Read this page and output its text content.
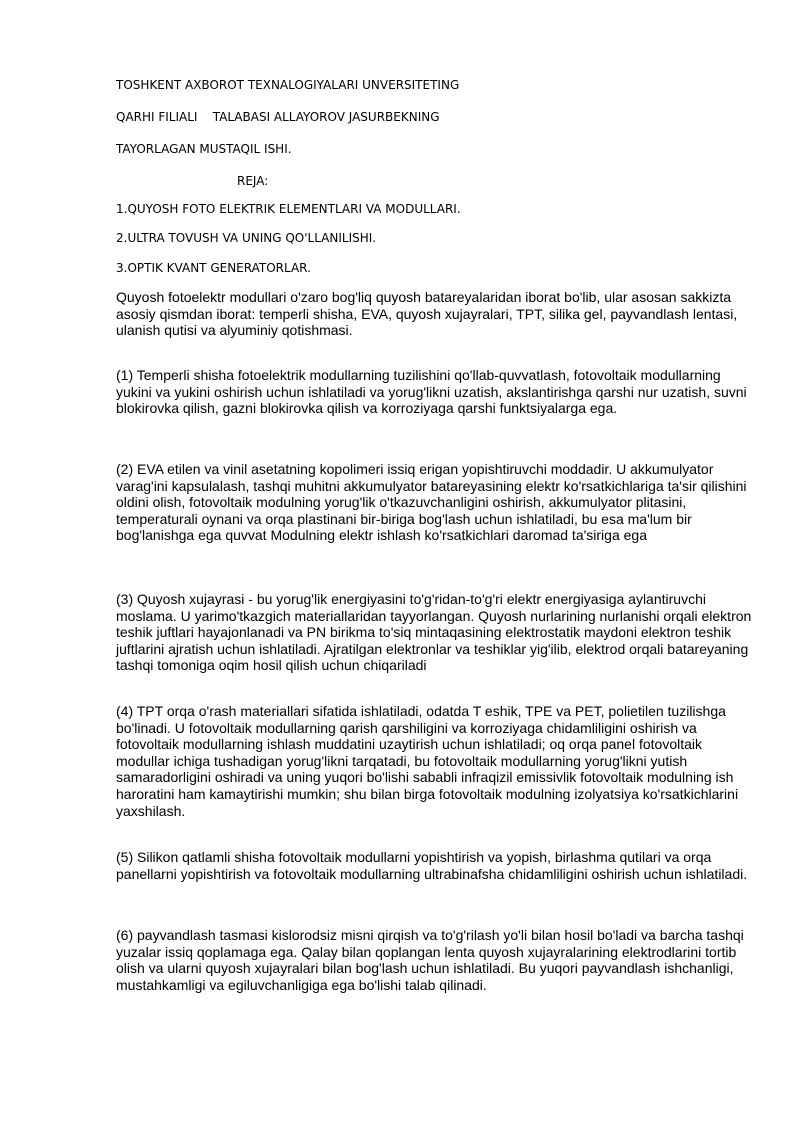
TOSHKENT AXBOROT TEXNALOGIYALARI UNVERSITETING

QARHI FILIALI    TALABASI ALLAYOROV JASURBEKNING

TAYORLAGAN MUSTAQIL ISHI.

REJA:

1.QUYOSH FOTO ELEKTRIK ELEMENTLARI VA MODULLARI.

2.ULTRA TOVUSH VA UNING QO'LLANILISHI.

3.OPTIK KVANT GENERATORLAR.

Quyosh fotoelektr modullari o'zaro bog'liq quyosh batareyalaridan iborat bo'lib, ular asosan sakkizta asosiy qismdan iborat: temperli shisha, EVA, quyosh xujayralari, TPT, silika gel, payvandlash lentasi, ulanish qutisi va alyuminiy qotishmasi.

(1) Temperli shisha fotoelektrik modullarning tuzilishini qo'llab-quvvatlash, fotovoltaik modullarning yukini va yukini oshirish uchun ishlatiladi va yorug'likni uzatish, akslantirishga qarshi nur uzatish, suvni blokirovka qilish, gazni blokirovka qilish va korroziyaga qarshi funktsiyalarga ega.

(2) EVA etilen va vinil asetatning kopolimeri issiq erigan yopishtiruvchi moddadir. U akkumulyator varag'ini kapsulalash, tashqi muhitni akkumulyator batareyasining elektr ko'rsatkichlariga ta'sir qilishini oldini olish, fotovoltaik modulning yorug'lik o'tkazuvchanligini oshirish, akkumulyator plitasini, temperaturali oynani va orqa plastinani bir-biriga bog'lash uchun ishlatiladi, bu esa ma'lum bir bog'lanishga ega quvvat Modulning elektr ishlash ko'rsatkichlari daromad ta'siriga ega

(3) Quyosh xujayrasi - bu yorug'lik energiyasini to'g'ridan-to'g'ri elektr energiyasiga aylantiruvchi moslama. U yarimo'tkazgich materiallaridan tayyorlangan. Quyosh nurlarining nurlanishi orqali elektron teshik juftlari hayajonlanadi va PN birikma to'siq mintaqasining elektrostatik maydoni elektron teshik juftlarini ajratish uchun ishlatiladi. Ajratilgan elektronlar va teshiklar yig'ilib, elektrod orqali batareyaning tashqi tomoniga oqim hosil qilish uchun chiqariladi

(4) TPT orqa o'rash materiallari sifatida ishlatiladi, odatda T eshik, TPE va PET, polietilen tuzilishga bo'linadi. U fotovoltaik modullarning qarish qarshiligini va korroziyaga chidamliligini oshirish va fotovoltaik modullarning ishlash muddatini uzaytirish uchun ishlatiladi; oq orqa panel fotovoltaik modullar ichiga tushadigan yorug'likni tarqatadi, bu fotovoltaik modullarning yorug'likni yutish samaradorligini oshiradi va uning yuqori bo'lishi sababli infraqizil emissivlik fotovoltaik modulning ish haroratini ham kamaytirishi mumkin; shu bilan birga fotovoltaik modulning izolyatsiya ko'rsatkichlarini yaxshilash.

(5) Silikon qatlamli shisha fotovoltaik modullarni yopishtirish va yopish, birlashma qutilari va orqa panellarni yopishtirish va fotovoltaik modullarning ultrabinafsha chidamliligini oshirish uchun ishlatiladi.

(6) payvandlash tasmasi kislorodsiz misni qirqish va to'g'rilash yo'li bilan hosil bo'ladi va barcha tashqi yuzalar issiq qoplamaga ega. Qalay bilan qoplangan lenta quyosh xujayralarining elektrodlarini tortib olish va ularni quyosh xujayralari bilan bog'lash uchun ishlatiladi. Bu yuqori payvandlash ishchanligi, mustahkamligi va egiluvchanligiga ega bo'lishi talab qilinadi.
